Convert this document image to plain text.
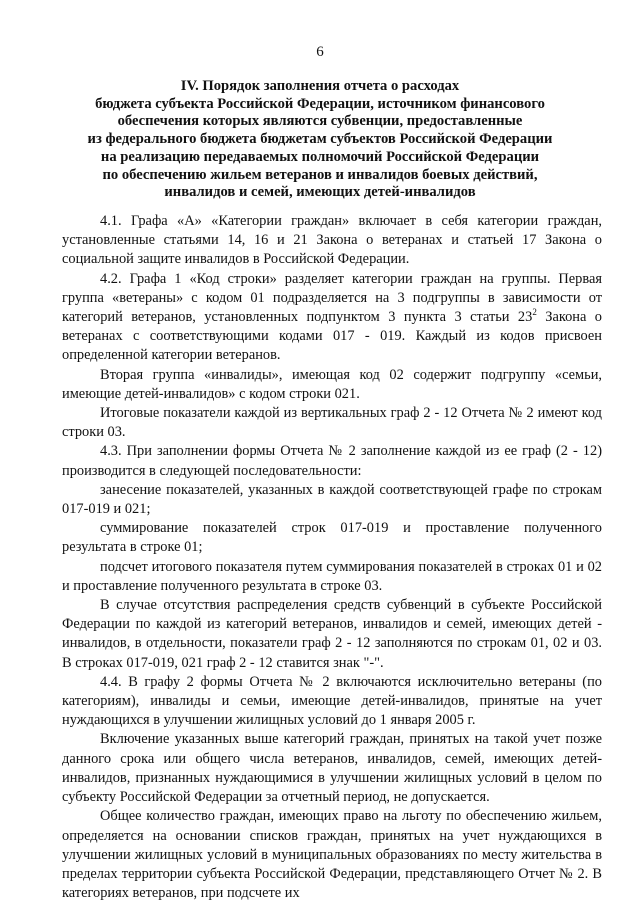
6
IV. Порядок заполнения отчета о расходах
бюджета субъекта Российской Федерации, источником финансового
обеспечения которых являются субвенции, предоставленные
из федерального бюджета бюджетам субъектов Российской Федерации
на реализацию передаваемых полномочий Российской Федерации
по обеспечению жильем ветеранов и инвалидов боевых действий,
инвалидов и семей, имеющих детей-инвалидов

4.1. Графа «А» «Категории граждан» включает в себя категории граждан, установленные статьями 14, 16 и 21 Закона о ветеранах и статьей 17 Закона о социальной защите инвалидов в Российской Федерации.

4.2. Графа 1 «Код строки» разделяет категории граждан на группы. Первая группа «ветераны» с кодом 01 подразделяется на 3 подгруппы в зависимости от категорий ветеранов, установленных подпунктом 3 пункта 3 статьи $23^2$ Закона о ветеранах с соответствующими кодами 017 - 019. Каждый из кодов присвоен определенной категории ветеранов.

Вторая группа «инвалиды», имеющая код 02 содержит подгруппу «семьи, имеющие детей-инвалидов» с кодом строки 021.

Итоговые показатели каждой из вертикальных граф 2 - 12 Отчета № 2 имеют код строки 03.

4.3. При заполнении формы Отчета № 2 заполнение каждой из ее граф (2 - 12) производится в следующей последовательности:

занесение показателей, указанных в каждой соответствующей графе по строкам 017-019 и 021;

суммирование показателей строк 017-019 и проставление полученного результата в строке 01;

подсчет итогового показателя путем суммирования показателей в строках 01 и 02 и проставление полученного результата в строке 03.

В случае отсутствия распределения средств субвенций в субъекте Российской Федерации по каждой из категорий ветеранов, инвалидов и семей, имеющих детей - инвалидов, в отдельности, показатели граф 2 - 12 заполняются по строкам 01, 02 и 03. В строках 017-019, 021 граф 2 - 12 ставится знак "-".

4.4. В графу 2 формы Отчета № 2 включаются исключительно ветераны (по категориям), инвалиды и семьи, имеющие детей-инвалидов, принятые на учет нуждающихся в улучшении жилищных условий до 1 января 2005 г.

Включение указанных выше категорий граждан, принятых на такой учет позже данного срока или общего числа ветеранов, инвалидов, семей, имеющих детей-инвалидов, признанных нуждающимися в улучшении жилищных условий в целом по субъекту Российской Федерации за отчетный период, не допускается.

Общее количество граждан, имеющих право на льготу по обеспечению жильем, определяется на основании списков граждан, принятых на учет нуждающихся в улучшении жилищных условий в муниципальных образованиях по месту жительства в пределах территории субъекта Российской Федерации, представляющего Отчет № 2. В категориях ветеранов, при подсчете их
